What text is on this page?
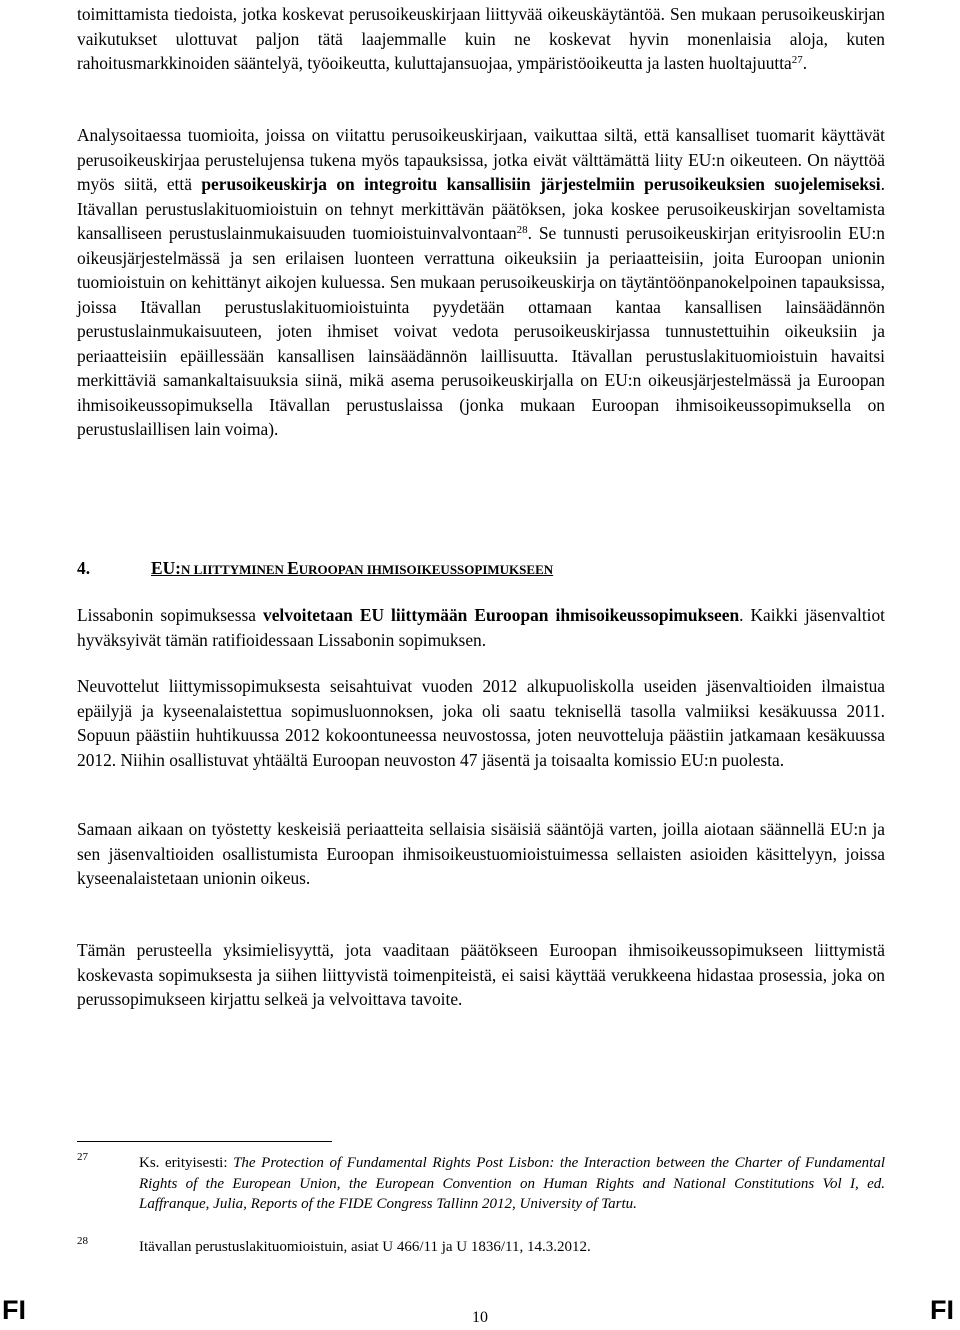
toimittamista tiedoista, jotka koskevat perusoikeuskirjaan liittyvää oikeuskäytäntöä. Sen mukaan perusoikeuskirjan vaikutukset ulottuvat paljon tätä laajemmalle kuin ne koskevat hyvin monenlaisia aloja, kuten rahoitusmarkkinoiden sääntelyä, työoikeutta, kuluttajansuojaa, ympäristöoikeutta ja lasten huoltajuutta$^{27}$.

Analysoitaessa tuomioita, joissa on viitattu perusoikeuskirjaan, vaikuttaa siltä, että kansalliset tuomarit käyttävät perusoikeuskirjaa perustelujensa tukena myös tapauksissa, jotka eivät välttämättä liity EU:n oikeuteen. On näyttöä myös siitä, että perusoikeuskirja on integroitu kansallisiin järjestelmiin perusoikeuksien suojelemiseksi. Itävallan perustuslakituomioistuin on tehnyt merkittävän päätöksen, joka koskee perusoikeuskirjan soveltamista kansalliseen perustuslainmukaisuuden tuomioistuinvalvontaan$^{28}$. Se tunnusti perusoikeuskirjan erityisroolin EU:n oikeusjärjestelmässä ja sen erilaisen luonteen verrattuna oikeuksiin ja periaatteisiin, joita Euroopan unionin tuomioistuin on kehittänyt aikojen kuluessa. Sen mukaan perusoikeuskirja on täytäntöönpanokelpoinen tapauksissa, joissa Itävallan perustuslakituomioistuinta pyydetään ottamaan kantaa kansallisen lainsäädännön perustuslainmukaisuuteen, joten ihmiset voivat vedota perusoikeuskirjassa tunnustettuihin oikeuksiin ja periaatteisiin epäillessään kansallisen lainsäädännön laillisuutta. Itävallan perustuslakituomioistuin havaitsi merkittäviä samankaltaisuuksia siinä, mikä asema perusoikeuskirjalla on EU:n oikeusjärjestelmässä ja Euroopan ihmisoikeussopimuksella Itävallan perustuslaissa (jonka mukaan Euroopan ihmisoikeussopimuksella on perustuslaillisen lain voima).

4.	EU:N LIITTYMINEN EUROOPAN IHMISOIKEUSSOPIMUKSEEN

Lissabonin sopimuksessa velvoitetaan EU liittymään Euroopan ihmisoikeussopimukseen. Kaikki jäsenvaltiot hyväksyivät tämän ratifioidessaan Lissabonin sopimuksen.

Neuvottelut liittymissopimuksesta seisahtuivat vuoden 2012 alkupuoliskolla useiden jäsenvaltioiden ilmaistua epäilyjä ja kyseenalaistettua sopimusluonnoksen, joka oli saatu teknisellä tasolla valmiiksi kesäkuussa 2011. Sopuun päästiin huhtikuussa 2012 kokoontuneessa neuvostossa, joten neuvotteluja päästiin jatkamaan kesäkuussa 2012. Niihin osallistuvat yhtäältä Euroopan neuvoston 47 jäsentä ja toisaalta komissio EU:n puolesta.

Samaan aikaan on työstetty keskeisiä periaatteita sellaisia sisäisiä sääntöjä varten, joilla aiotaan säännellä EU:n ja sen jäsenvaltioiden osallistumista Euroopan ihmisoikeustuomioistuimessa sellaisten asioiden käsittelyyn, joissa kyseenalaistetaan unionin oikeus.

Tämän perusteella yksimielisyyttä, jota vaaditaan päätökseen Euroopan ihmisoikeussopimukseen liittymistä koskevasta sopimuksesta ja siihen liittyvistä toimenpiteistä, ei saisi käyttää verukkeena hidastaa prosessia, joka on perussopimukseen kirjattu selkeä ja velvoittava tavoite.

27	Ks. erityisesti: The Protection of Fundamental Rights Post Lisbon: the Interaction between the Charter of Fundamental Rights of the European Union, the European Convention on Human Rights and National Constitutions Vol I, ed. Laffranque, Julia, Reports of the FIDE Congress Tallinn 2012, University of Tartu.
28	Itävallan perustuslakituomioistuin, asiat U 466/11 ja U 1836/11, 14.3.2012.
FI	10	FI
